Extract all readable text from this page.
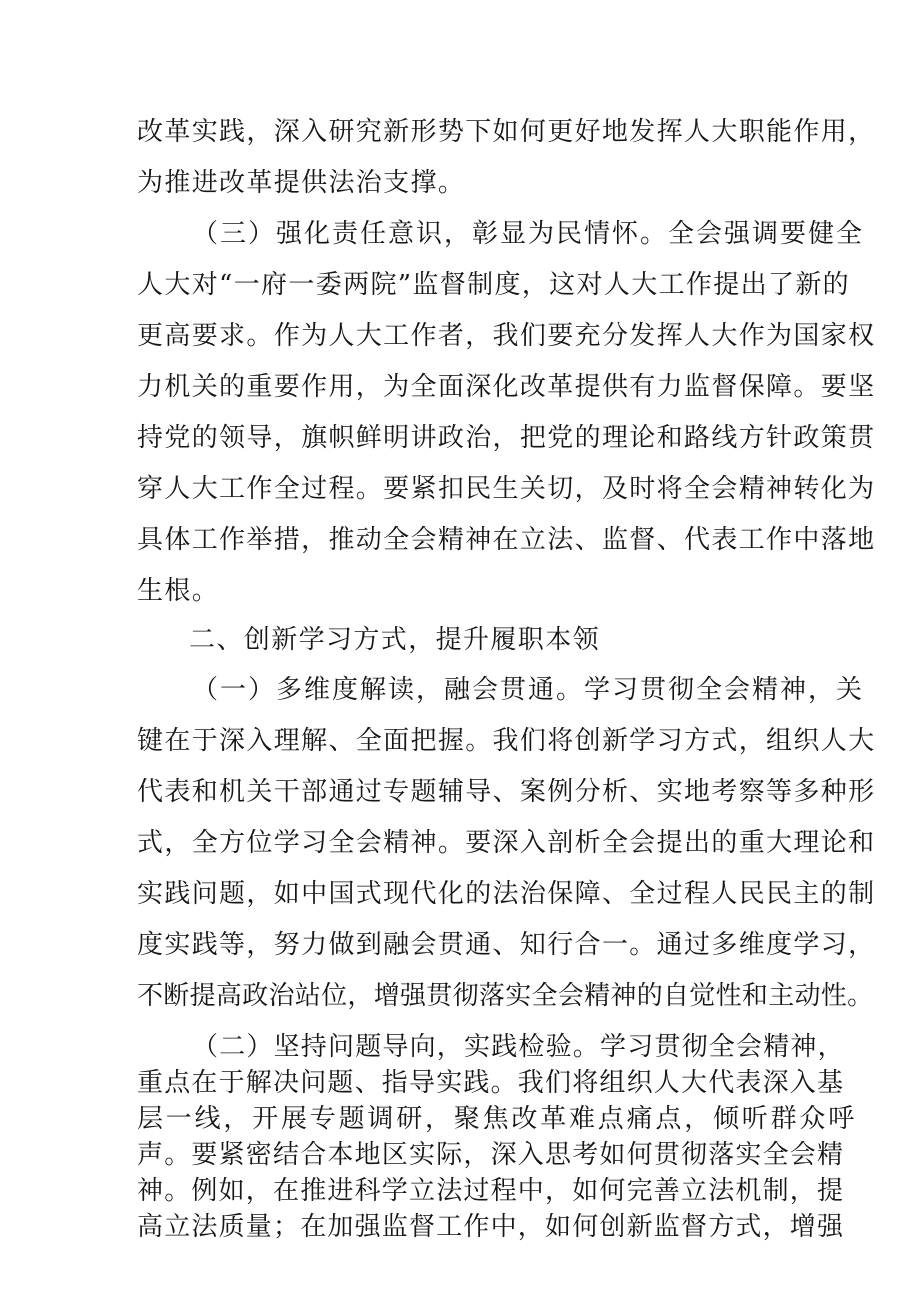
改革实践，深入研究新形势下如何更好地发挥人大职能作用，
为推进改革提供法治支撑。
（三）强化责任意识，彰显为民情怀。全会强调要健全
人大对“一府一委两院”监督制度，这对人大工作提出了新的
更高要求。作为人大工作者，我们要充分发挥人大作为国家权
力机关的重要作用，为全面深化改革提供有力监督保障。要坚
持党的领导，旗帜鲜明讲政治，把党的理论和路线方针政策贯
穿人大工作全过程。要紧扣民生关切，及时将全会精神转化为
具体工作举措，推动全会精神在立法、监督、代表工作中落地
生根。
二、创新学习方式，提升履职本领
（一）多维度解读，融会贯通。学习贯彻全会精神，关
键在于深入理解、全面把握。我们将创新学习方式，组织人大
代表和机关干部通过专题辅导、案例分析、实地考察等多种形
式，全方位学习全会精神。要深入剖析全会提出的重大理论和
实践问题，如中国式现代化的法治保障、全过程人民民主的制
度实践等，努力做到融会贯通、知行合一。通过多维度学习，
不断提高政治站位，增强贯彻落实全会精神的自觉性和主动性。
（二）坚持问题导向，实践检验。学习贯彻全会精神，
重点在于解决问题、指导实践。我们将组织人大代表深入基
层一线，开展专题调研，聚焦改革难点痛点，倾听群众呼
声。要紧密结合本地区实际，深入思考如何贯彻落实全会精
神。例如，在推进科学立法过程中，如何完善立法机制，提
高立法质量；在加强监督工作中，如何创新监督方式，增强
